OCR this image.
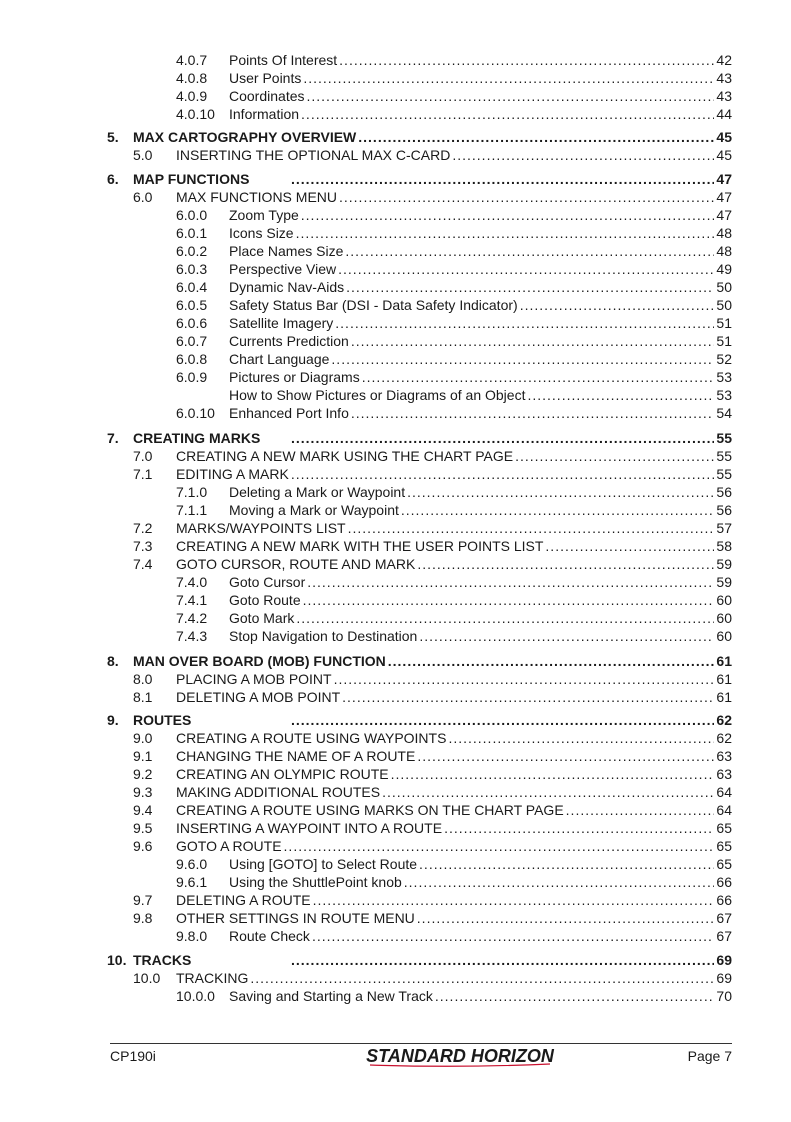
4.0.7 Points Of Interest .....	42
4.0.8 User Points .....	43
4.0.9 Coordinates .....	43
4.0.10 Information .....	44
5. MAX CARTOGRAPHY OVERVIEW .....	45
5.0 INSERTING THE OPTIONAL MAX C-CARD .....	45
6. MAP FUNCTIONS .....	47
6.0 MAX FUNCTIONS MENU .....	47
6.0.0 Zoom Type .....	47
6.0.1 Icons Size .....	48
6.0.2 Place Names Size .....	48
6.0.3 Perspective View .....	49
6.0.4 Dynamic Nav-Aids .....	50
6.0.5 Safety Status Bar (DSI - Data Safety Indicator) .....	50
6.0.6 Satellite Imagery .....	51
6.0.7 Currents Prediction .....	51
6.0.8 Chart Language .....	52
6.0.9 Pictures or Diagrams .....	53
How to Show Pictures or Diagrams of an Object .....	53
6.0.10 Enhanced Port Info .....	54
7. CREATING MARKS .....	55
7.0 CREATING A NEW MARK USING THE CHART PAGE .....	55
7.1 EDITING A MARK .....	55
7.1.0 Deleting a Mark or Waypoint .....	56
7.1.1 Moving a Mark or Waypoint .....	56
7.2 MARKS/WAYPOINTS LIST .....	57
7.3 CREATING A NEW MARK WITH THE USER POINTS LIST .....	58
7.4 GOTO CURSOR, ROUTE AND MARK .....	59
7.4.0 Goto Cursor .....	59
7.4.1 Goto Route .....	60
7.4.2 Goto Mark .....	60
7.4.3 Stop Navigation to Destination .....	60
8. MAN OVER BOARD (MOB) FUNCTION .....	61
8.0 PLACING A MOB POINT .....	61
8.1 DELETING A MOB POINT .....	61
9. ROUTES .....	62
9.0 CREATING A ROUTE USING WAYPOINTS .....	62
9.1 CHANGING THE NAME OF A ROUTE .....	63
9.2 CREATING AN OLYMPIC ROUTE .....	63
9.3 MAKING ADDITIONAL ROUTES .....	64
9.4 CREATING A ROUTE USING MARKS ON THE CHART PAGE .....	64
9.5 INSERTING A WAYPOINT INTO A ROUTE .....	65
9.6 GOTO A ROUTE .....	65
9.6.0 Using [GOTO] to Select Route .....	65
9.6.1 Using the ShuttlePoint knob .....	66
9.7 DELETING A ROUTE .....	66
9.8 OTHER SETTINGS IN ROUTE MENU .....	67
9.8.0 Route Check .....	67
10. TRACKS .....	69
10.0 TRACKING .....	69
10.0.0 Saving and Starting a New Track .....	70
CP190i	STANDARD HORIZON	Page 7
